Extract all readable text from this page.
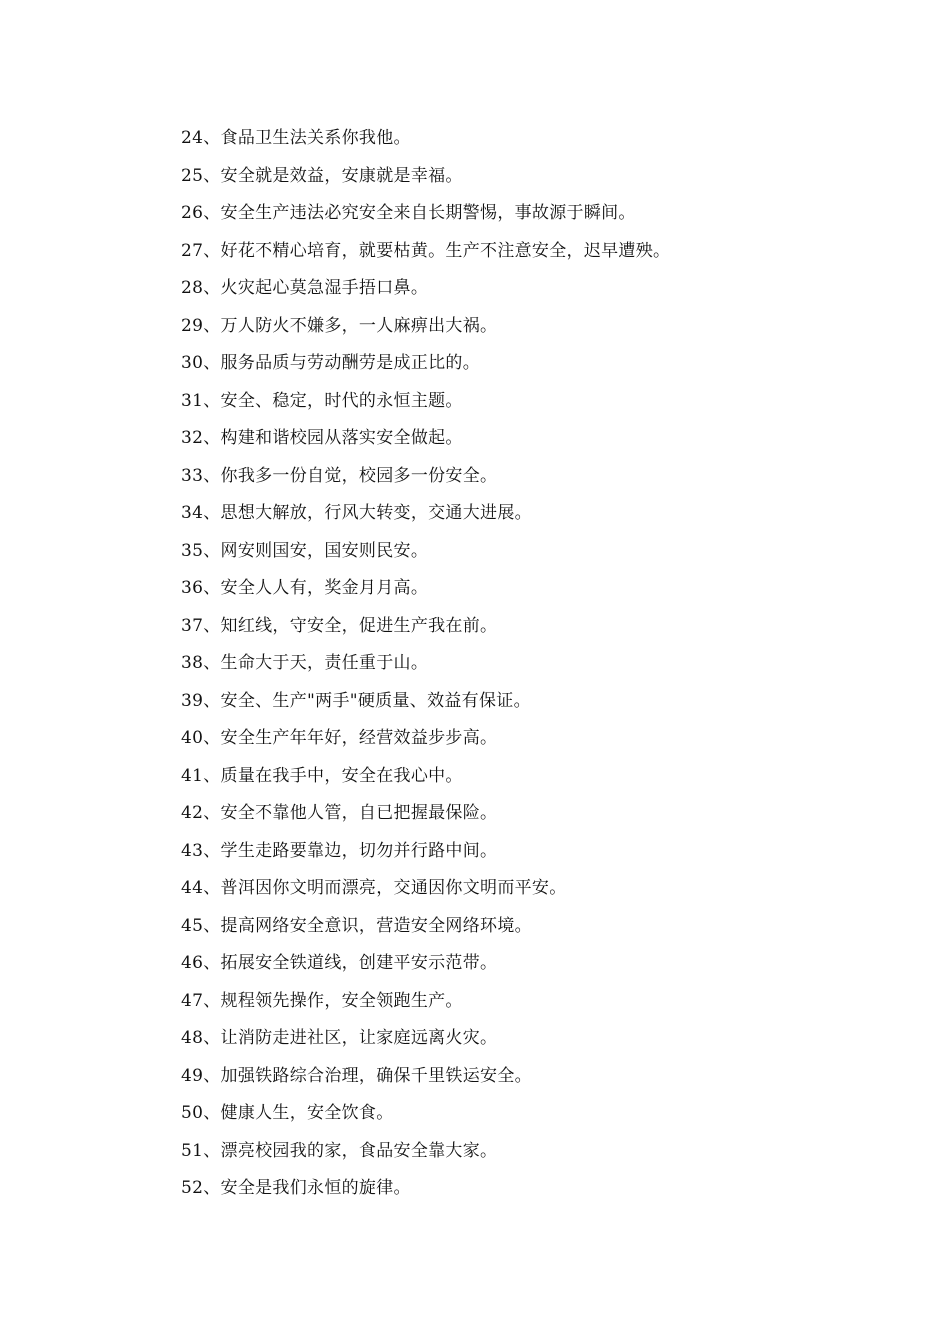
24、食品卫生法关系你我他。
25、安全就是效益，安康就是幸福。
26、安全生产违法必究安全来自长期警惕，事故源于瞬间。
27、好花不精心培育，就要枯黄。生产不注意安全，迟早遭殃。
28、火灾起心莫急湿手捂口鼻。
29、万人防火不嫌多，一人麻痹出大祸。
30、服务品质与劳动酬劳是成正比的。
31、安全、稳定，时代的永恒主题。
32、构建和谐校园从落实安全做起。
33、你我多一份自觉，校园多一份安全。
34、思想大解放，行风大转变，交通大进展。
35、网安则国安，国安则民安。
36、安全人人有，奖金月月高。
37、知红线，守安全，促进生产我在前。
38、生命大于天，责任重于山。
39、安全、生产"两手"硬质量、效益有保证。
40、安全生产年年好，经营效益步步高。
41、质量在我手中，安全在我心中。
42、安全不靠他人管，自已把握最保险。
43、学生走路要靠边，切勿并行路中间。
44、普洱因你文明而漂亮，交通因你文明而平安。
45、提高网络安全意识，营造安全网络环境。
46、拓展安全铁道线，创建平安示范带。
47、规程领先操作，安全领跑生产。
48、让消防走进社区，让家庭远离火灾。
49、加强铁路综合治理，确保千里铁运安全。
50、健康人生，安全饮食。
51、漂亮校园我的家，食品安全靠大家。
52、安全是我们永恒的旋律。
